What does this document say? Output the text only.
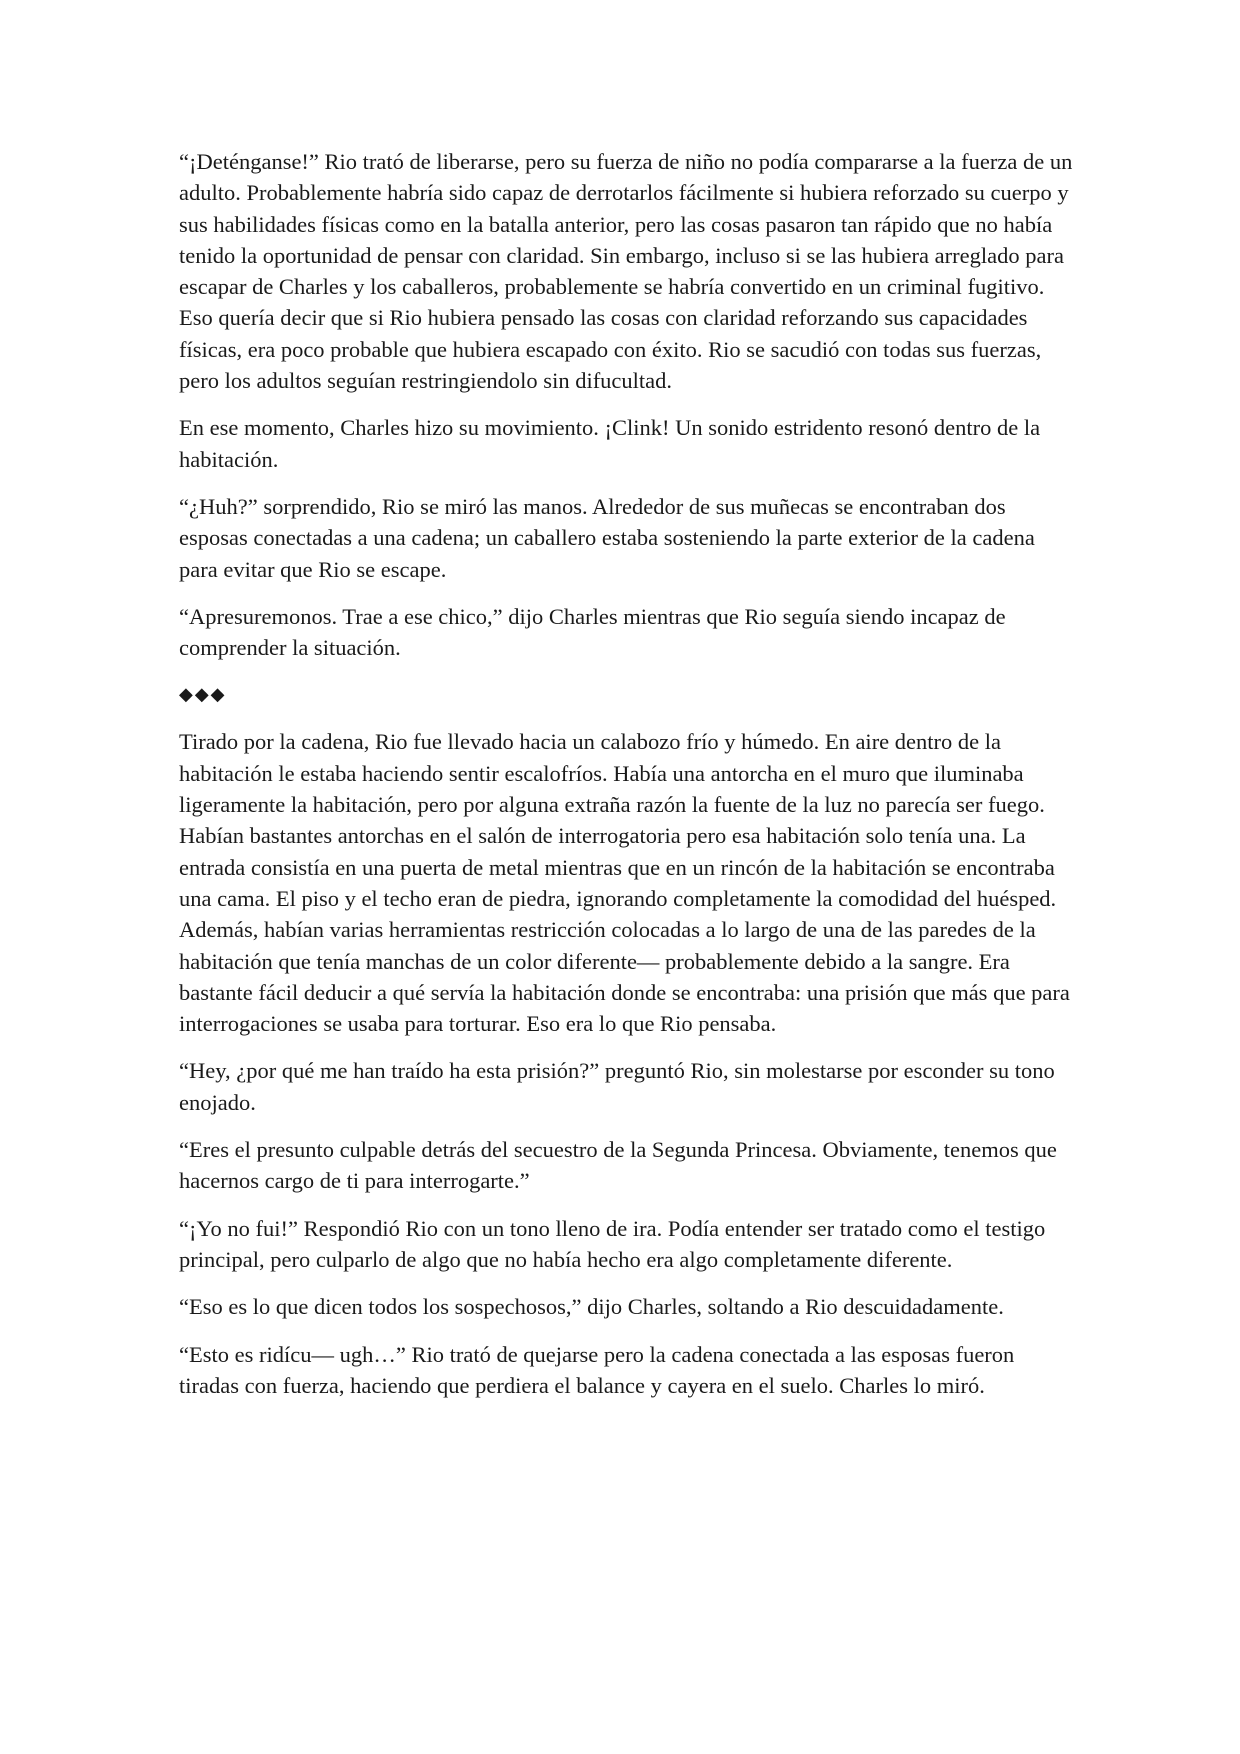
“¡Deténganse!” Rio trató de liberarse, pero su fuerza de niño no podía compararse a la fuerza de un adulto. Probablemente habría sido capaz de derrotarlos fácilmente si hubiera reforzado su cuerpo y sus habilidades físicas como en la batalla anterior, pero las cosas pasaron tan rápido que no había tenido la oportunidad de pensar con claridad. Sin embargo, incluso si se las hubiera arreglado para escapar de Charles y los caballeros, probablemente se habría convertido en un criminal fugitivo. Eso quería decir que si Rio hubiera pensado las cosas con claridad reforzando sus capacidades físicas, era poco probable que hubiera escapado con éxito. Rio se sacudió con todas sus fuerzas, pero los adultos seguían restringiendolo sin difucultad.

En ese momento, Charles hizo su movimiento. ¡Clink! Un sonido estridento resonó dentro de la habitación.

“¿Huh?” sorprendido, Rio se miró las manos. Alrededor de sus muñecas se encontraban dos esposas conectadas a una cadena; un caballero estaba sosteniendo la parte exterior de la cadena para evitar que Rio se escape.

“Apresuremonos. Trae a ese chico,” dijo Charles mientras que Rio seguía siendo incapaz de comprender la situación.

◆◆◆

Tirado por la cadena, Rio fue llevado hacia un calabozo frío y húmedo. En aire dentro de la habitación le estaba haciendo sentir escalofríos. Había una antorcha en el muro que iluminaba ligeramente la habitación, pero por alguna extraña razón la fuente de la luz no parecía ser fuego. Habían bastantes antorchas en el salón de interrogatoria pero esa habitación solo tenía una. La entrada consistía en una puerta de metal mientras que en un rincón de la habitación se encontraba una cama. El piso y el techo eran de piedra, ignorando completamente la comodidad del huésped. Además, habían varias herramientas restricción colocadas a lo largo de una de las paredes de la habitación que tenía manchas de un color diferente— probablemente debido a la sangre. Era bastante fácil deducir a qué servía la habitación donde se encontraba: una prisión que más que para interrogaciones se usaba para torturar. Eso era lo que Rio pensaba.

“Hey, ¿por qué me han traído ha esta prisión?” preguntó Rio, sin molestarse por esconder su tono enojado.

“Eres el presunto culpable detrás del secuestro de la Segunda Princesa. Obviamente, tenemos que hacernos cargo de ti para interrogarte.”

“¡Yo no fui!” Respondió Rio con un tono lleno de ira. Podía entender ser tratado como el testigo principal, pero culparlo de algo que no había hecho era algo completamente diferente.

“Eso es lo que dicen todos los sospechosos,” dijo Charles, soltando a Rio descuidadamente.

“Esto es ridícu— ugh…” Rio trató de quejarse pero la cadena conectada a las esposas fueron tiradas con fuerza, haciendo que perdiera el balance y cayera en el suelo. Charles lo miró.
